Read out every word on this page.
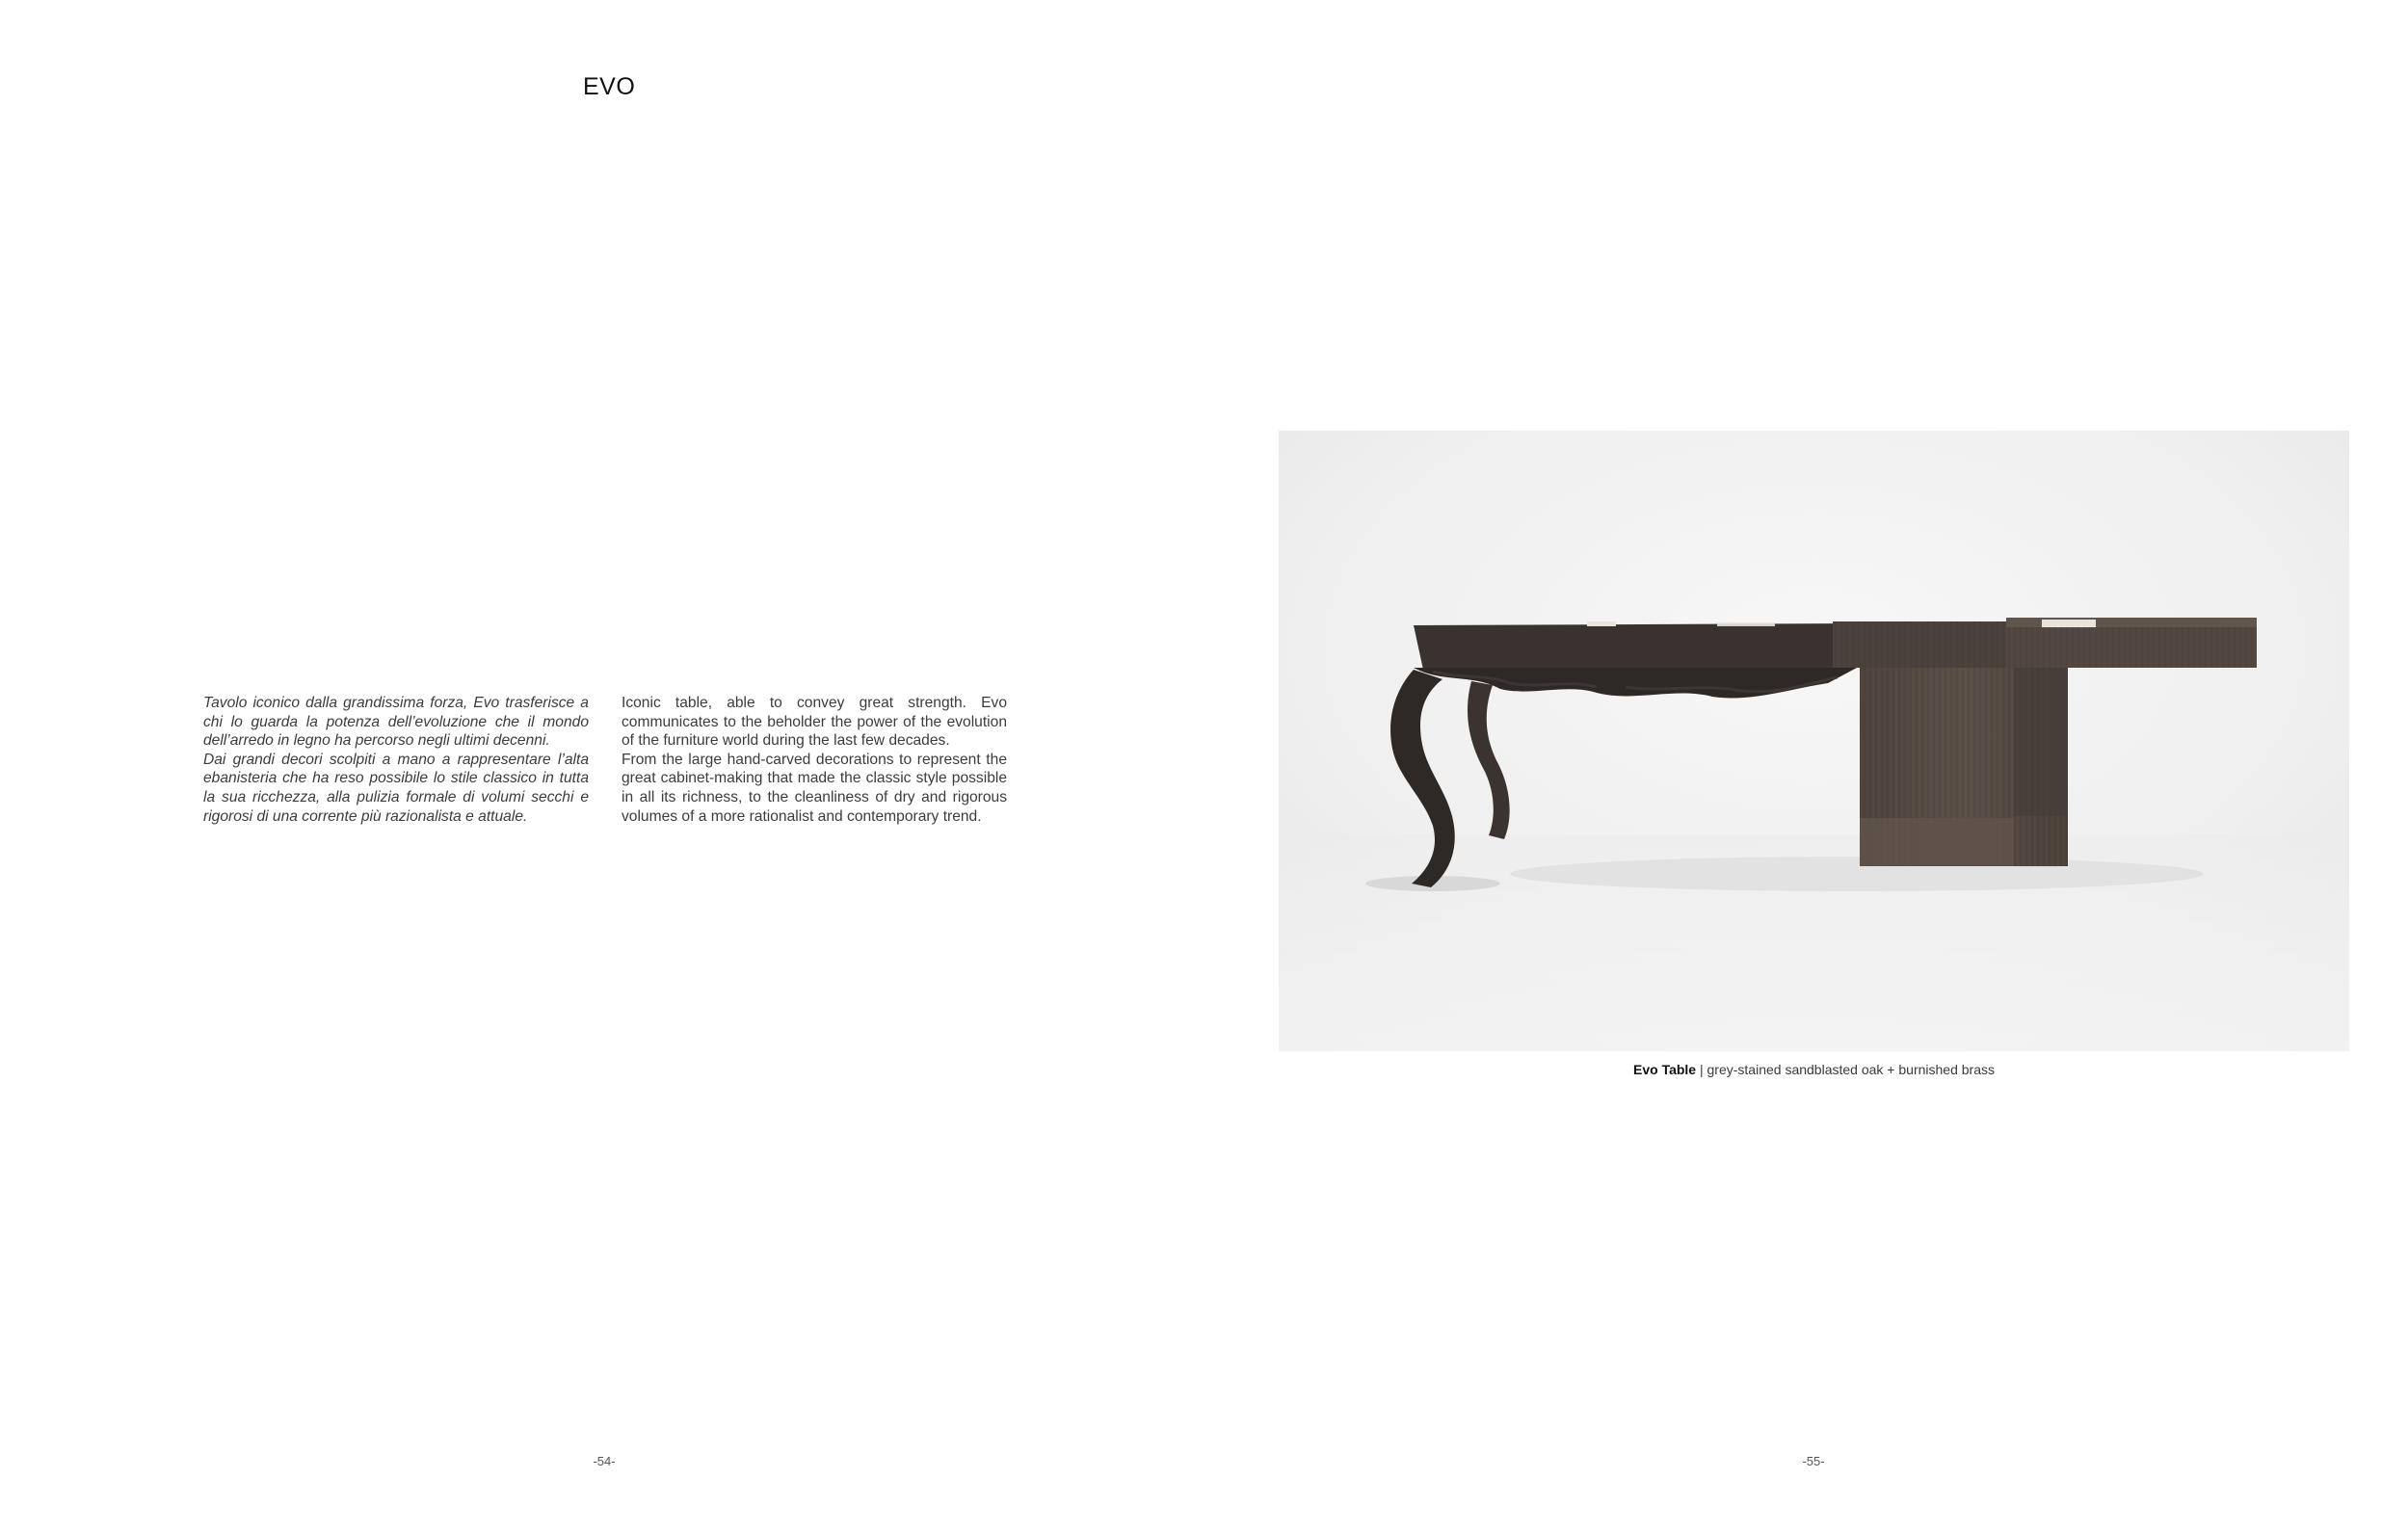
EVO

Tavolo iconico dalla grandissima forza, Evo trasferisce a chi lo guarda la potenza dell’evoluzione che il mondo dell’arredo in legno ha percorso negli ultimi decenni.

Dai grandi decori scolpiti a mano a rappresentare l’alta ebanisteria che ha reso possibile lo stile classico in tutta la sua ricchezza, alla pulizia formale di volumi secchi e rigorosi di una corrente più razionalista e attuale.

Iconic table, able to convey great strength. Evo communicates to the beholder the power of the evolution of the furniture world during the last few decades.

From the large hand-carved decorations to represent the great cabinet-making that made the classic style possible in all its richness, to the cleanliness of dry and rigorous volumes of a more rationalist and contemporary trend.

Evo Table | grey-stained sandblasted oak + burnished brass
-54-	-55-
